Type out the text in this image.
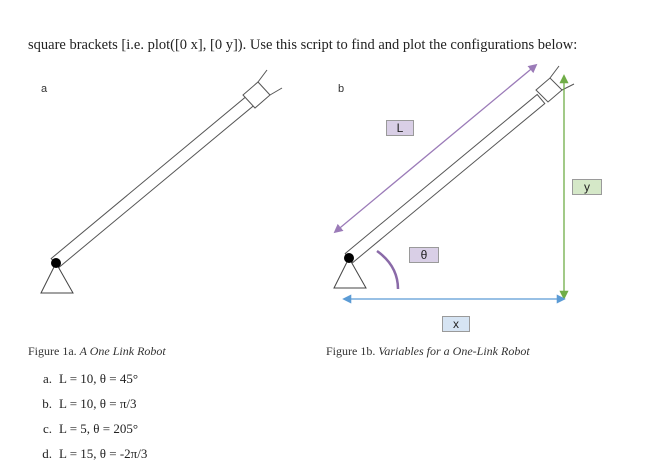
square brackets [i.e. plot([0 x], [0 y]). Use this script to find and plot the configurations below:
a	b
L
θ
y
x
Figure 1a. A One Link Robot	Figure 1b. Variables for a One-Link Robot
a. L = 10, θ = 45°
b. L = 10, θ = π/3
c. L = 5, θ = 205°
d. L = 15, θ = -2π/3
